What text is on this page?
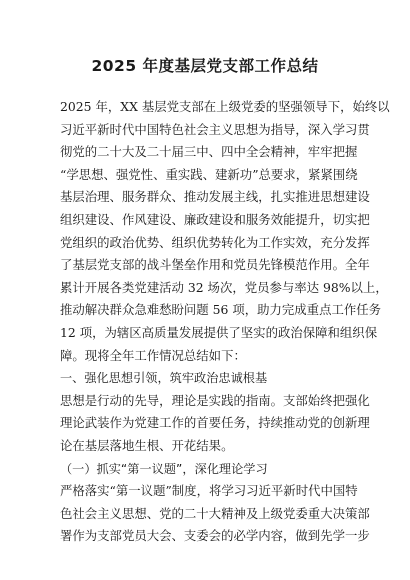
2025 年度基层党支部工作总结
2025 年，XX 基层党支部在上级党委的坚强领导下，始终以
习近平新时代中国特色社会主义思想为指导，深入学习贯
彻党的二十大及二十届三中、四中全会精神，牢牢把握
“学思想、强党性、重实践、建新功”总要求，紧紧围绕
基层治理、服务群众、推动发展主线，扎实推进思想建设
组织建设、作风建设、廉政建设和服务效能提升，切实把
党组织的政治优势、组织优势转化为工作实效，充分发挥
了基层党支部的战斗堡垒作用和党员先锋模范作用。全年
累计开展各类党建活动 32 场次，党员参与率达 98%以上，
推动解决群众急难愁盼问题 56 项，助力完成重点工作任务
12 项，为辖区高质量发展提供了坚实的政治保障和组织保
障。现将全年工作情况总结如下：
一、强化思想引领，筑牢政治忠诚根基
思想是行动的先导，理论是实践的指南。支部始终把强化
理论武装作为党建工作的首要任务，持续推动党的创新理
论在基层落地生根、开花结果。
（一）抓实“第一议题”，深化理论学习
严格落实“第一议题”制度，将学习习近平新时代中国特
色社会主义思想、党的二十大精神及上级党委重大决策部
署作为支部党员大会、支委会的必学内容，做到先学一步
